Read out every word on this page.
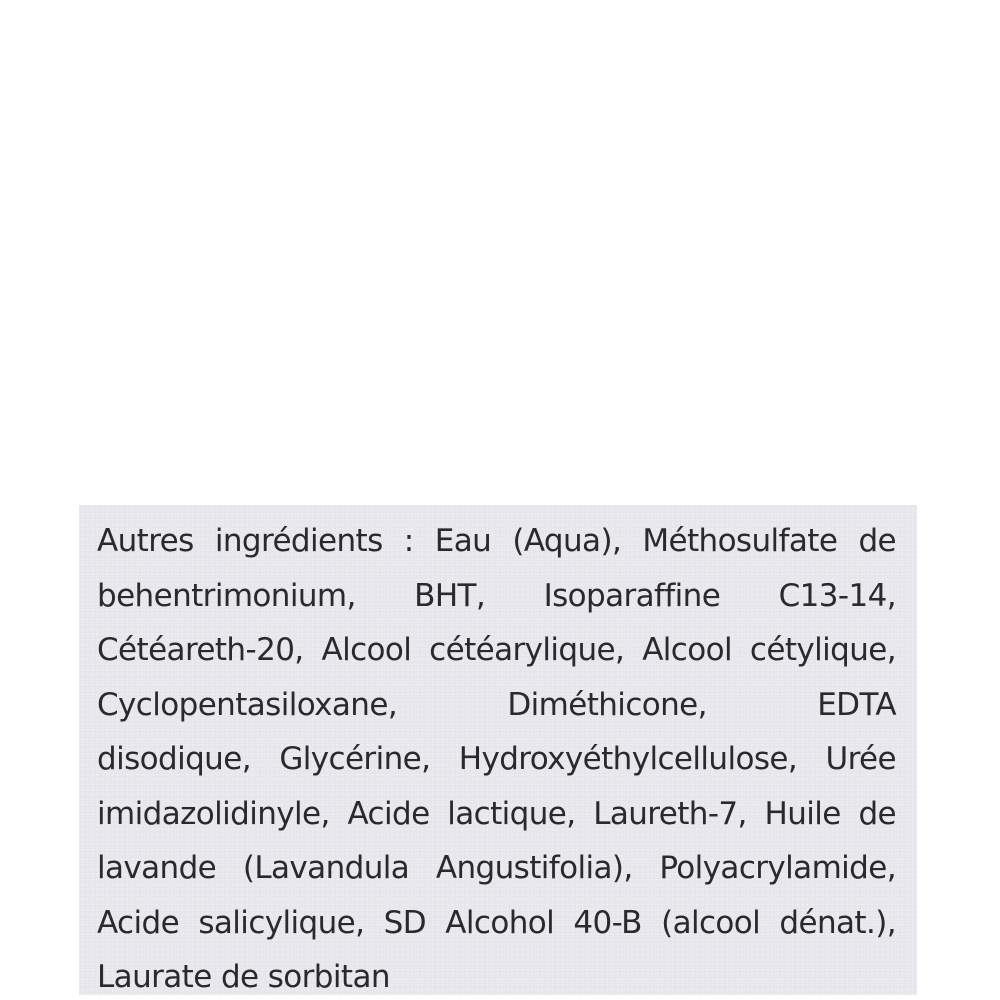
Autres ingrédients : Eau (Aqua), Méthosulfate de
behentrimonium, BHT, Isoparaffine C13-14,
Cétéareth-20, Alcool cétéarylique, Alcool cétylique,
Cyclopentasiloxane, Diméthicone, EDTA
disodique, Glycérine, Hydroxyéthylcellulose, Urée
imidazolidinyle, Acide lactique, Laureth-7, Huile de
lavande (Lavandula Angustifolia), Polyacrylamide,
Acide salicylique, SD Alcohol 40-B (alcool dénat.),
Laurate de sorbitan
